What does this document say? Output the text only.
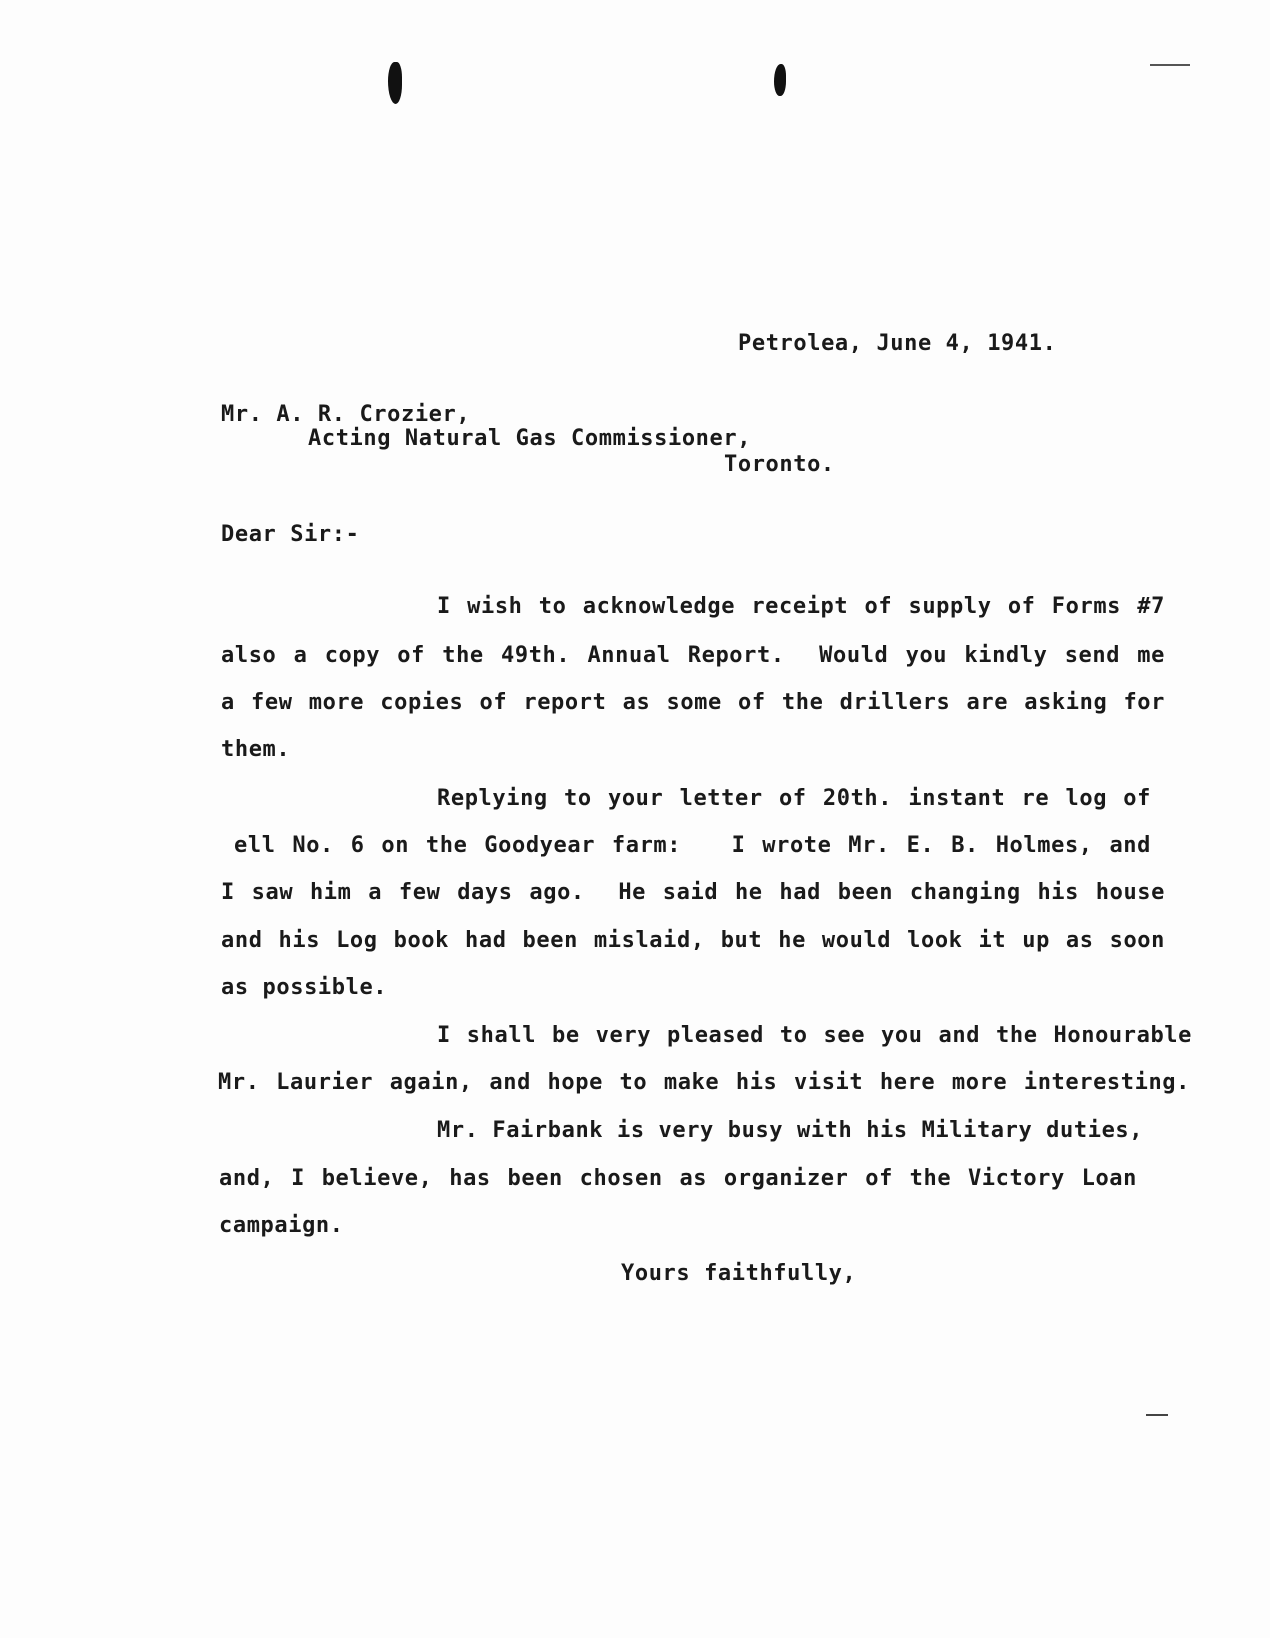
Petrolea, June 4, 1941.
Mr. A. R. Crozier,
Acting Natural Gas Commissioner,
Toronto.
Dear Sir:-
I wish to acknowledge receipt of supply of Forms #7
also a copy of the 49th. Annual Report.  Would you kindly send me
a few more copies of report as some of the drillers are asking for
them.
Replying to your letter of 20th. instant re log of
ell No. 6 on the Goodyear farm:   I wrote Mr. E. B. Holmes, and
I saw him a few days ago.  He said he had been changing his house
and his Log book had been mislaid, but he would look it up as soon
as possible.
I shall be very pleased to see you and the Honourable
Mr. Laurier again, and hope to make his visit here more interesting.
Mr. Fairbank is very busy with his Military duties,
and, I believe, has been chosen as organizer of the Victory Loan
campaign.
Yours faithfully,
